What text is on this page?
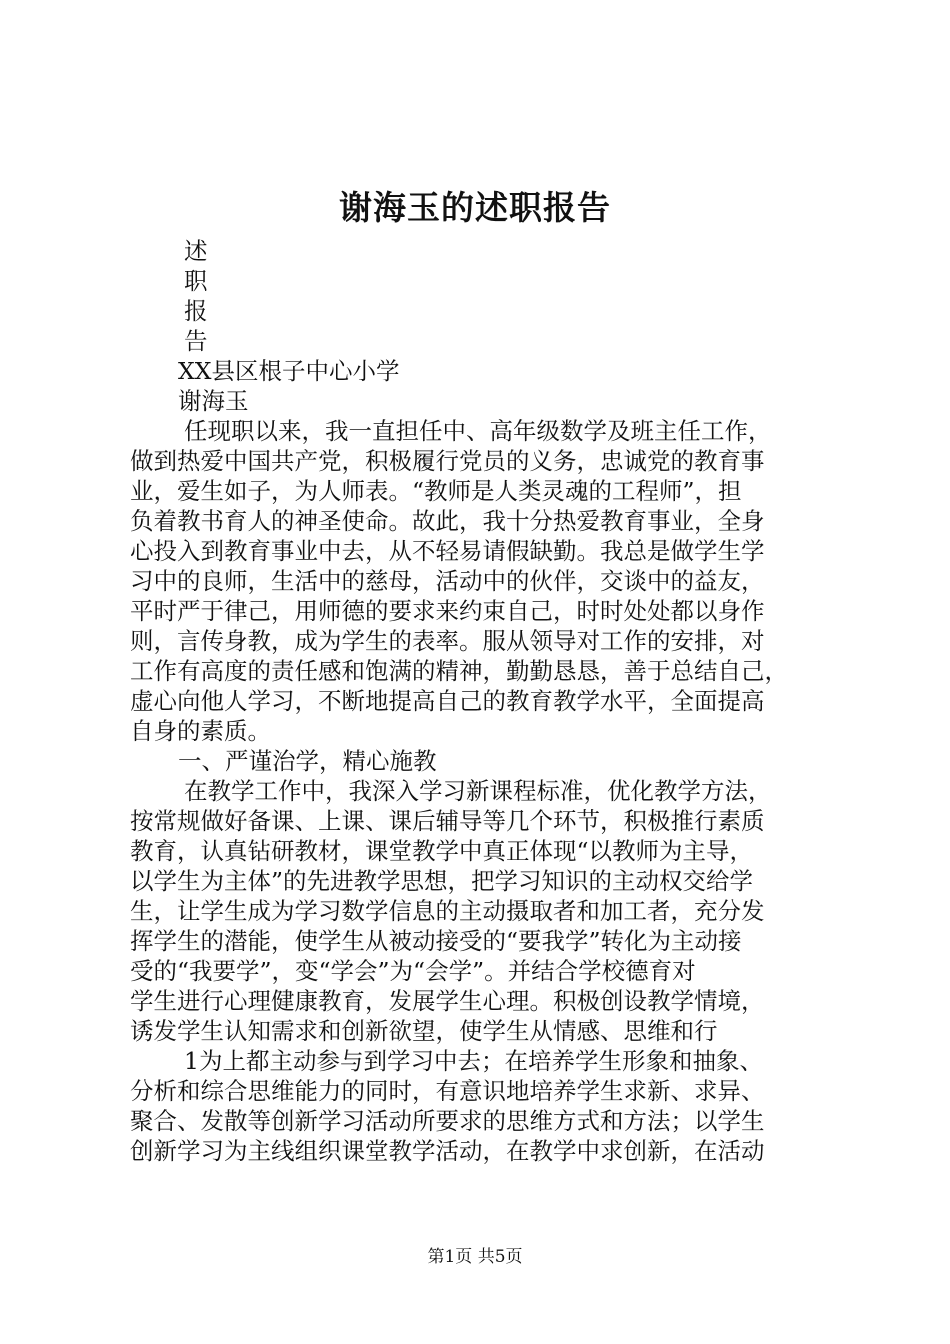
谢海玉的述职报告
述
职
报
告
XX县区根子中心小学
谢海玉
任现职以来，我一直担任中、高年级数学及班主任工作，
做到热爱中国共产党，积极履行党员的义务，忠诚党的教育事
业，爱生如子，为人师表。“教师是人类灵魂的工程师”，担
负着教书育人的神圣使命。故此，我十分热爱教育事业，全身
心投入到教育事业中去，从不轻易请假缺勤。我总是做学生学
习中的良师，生活中的慈母，活动中的伙伴，交谈中的益友，
平时严于律己，用师德的要求来约束自己，时时处处都以身作
则，言传身教，成为学生的表率。服从领导对工作的安排，对
工作有高度的责任感和饱满的精神，勤勤恳恳，善于总结自己，
虚心向他人学习，不断地提高自己的教育教学水平，全面提高
自身的素质。
一、严谨治学，精心施教
在教学工作中，我深入学习新课程标准，优化教学方法，
按常规做好备课、上课、课后辅导等几个环节，积极推行素质
教育，认真钻研教材，课堂教学中真正体现“以教师为主导，
以学生为主体”的先进教学思想，把学习知识的主动权交给学
生，让学生成为学习数学信息的主动摄取者和加工者，充分发
挥学生的潜能，使学生从被动接受的“要我学”转化为主动接
受的“我要学”，变“学会”为“会学”。并结合学校德育对
学生进行心理健康教育，发展学生心理。积极创设教学情境，
诱发学生认知需求和创新欲望，使学生从情感、思维和行
1为上都主动参与到学习中去；在培养学生形象和抽象、
分析和综合思维能力的同时，有意识地培养学生求新、求异、
聚合、发散等创新学习活动所要求的思维方式和方法；以学生
创新学习为主线组织课堂教学活动，在教学中求创新，在活动
第1页 共5页
